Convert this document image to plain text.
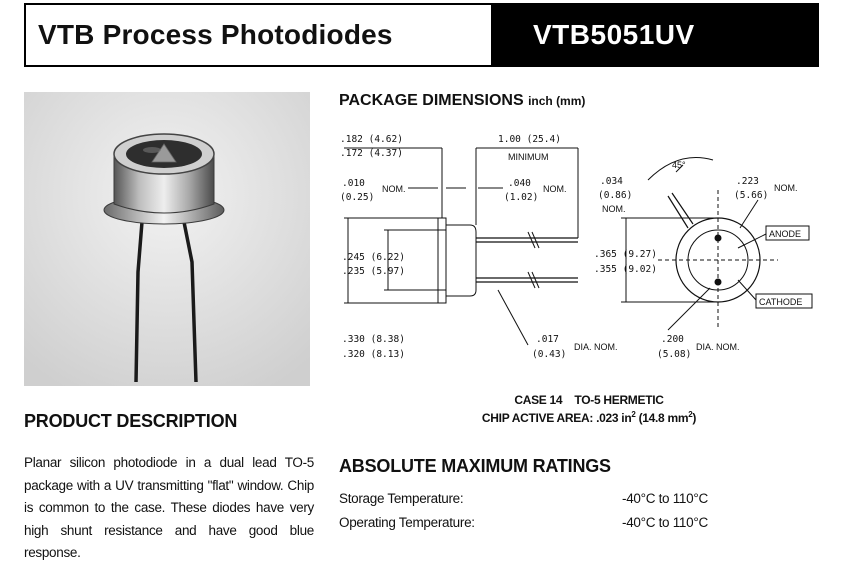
VTB Process Photodiodes	VTB5051UV
PACKAGE DIMENSIONS inch (mm)
.182 (4.62)
.172 (4.37)
1.00 (25.4)
MINIMUM
.010
(0.25)
NOM.	.040
(1.02)
NOM.
.245 (6.22)
.235 (5.97)
.330 (8.38)
.320 (8.13)
.017
(0.43)
DIA. NOM.
.034
(0.86)
NOM.
45°
.223
(5.66)
NOM.
.365 (9.27)
.355 (9.02)
.200
(5.08)
DIA. NOM.
ANODE
CATHODE
CASE 14 TO-5 HERMETIC
CHIP ACTIVE AREA: .023 $in^2$ (14.8 $mm^2$)
PRODUCT DESCRIPTION
Planar silicon photodiode in a dual lead TO-5 package with a UV transmitting "flat" window. Chip is common to the case. These diodes have very high shunt resistance and have good blue response.
ABSOLUTE MAXIMUM RATINGS
Storage Temperature:	-40°C to 110°C
Operating Temperature:	-40°C to 110°C
